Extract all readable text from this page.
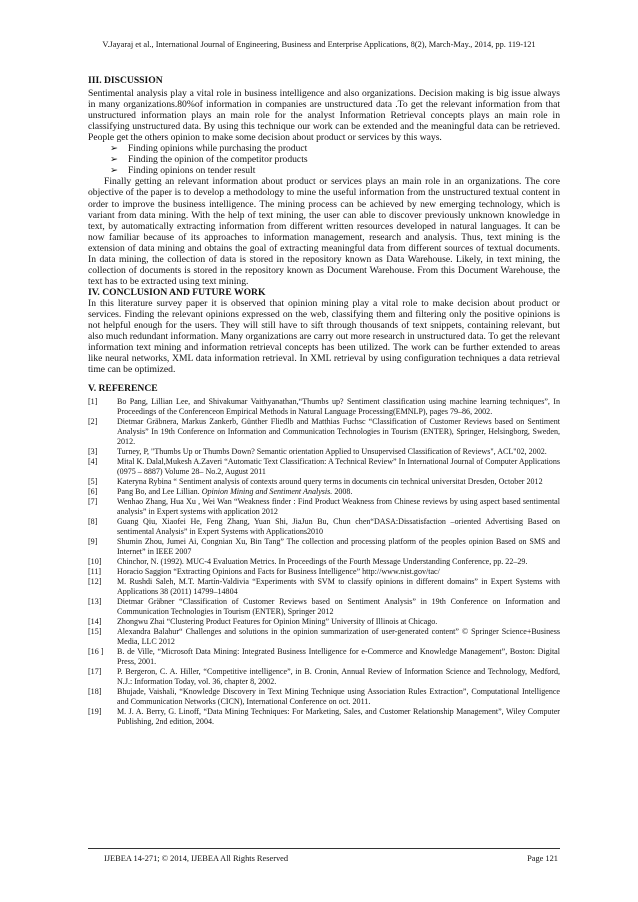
V.Jayaraj et al., International Journal of Engineering, Business and Enterprise Applications, 8(2), March-May., 2014, pp. 119-121

III. DISCUSSION

Sentimental analysis play a vital role in business intelligence and also organizations. Decision making is big issue always in many organizations.80%of information in companies are unstructured data .To get the relevant information from that unstructured information plays an main role for the analyst Information Retrieval concepts plays an main role in classifying unstructured data. By using this technique our work can be extended and the meaningful data can be retrieved. People get the others opinion to make some decision about product or services by this ways.

➢	Finding opinions while purchasing the product
➢	Finding the opinion of the competitor products
➢	Finding opinions on tender result

Finally getting an relevant information about product or services plays an main role in an organizations. The core objective of the paper is to develop a methodology to mine the useful information from the unstructured textual content in order to improve the business intelligence. The mining process can be achieved by new emerging technology, which is variant from data mining. With the help of text mining, the user can able to discover previously unknown knowledge in text, by automatically extracting information from different written resources developed in natural languages. It can be now familiar because of its approaches to information management, research and analysis. Thus, text mining is the extension of data mining and obtains the goal of extracting meaningful data from different sources of textual documents. In data mining, the collection of data is stored in the repository known as Data Warehouse. Likely, in text mining, the collection of documents is stored in the repository known as Document Warehouse. From this Document Warehouse, the text has to be extracted using text mining.

IV. CONCLUSION AND FUTURE WORK

In this literature survey paper it is observed that opinion mining play a vital role to make decision about product or services. Finding the relevant opinions expressed on the web, classifying them and filtering only the positive opinions is not helpful enough for the users. They will still have to sift through thousands of text snippets, containing relevant, but also much redundant information. Many organizations are carry out more research in unstructured data. To get the relevant information text mining and information retrieval concepts has been utilized. The work can be further extended to areas like neural networks, XML data information retrieval. In XML retrieval by using configuration techniques a data retrieval time can be optimized.

V. REFERENCE

[1]	Bo Pang, Lillian Lee, and Shivakumar Vaithyanathan,“Thumbs up? Sentiment classification using machine learning techniques”, In Proceedings of the Conferenceon Empirical Methods in Natural Language Processing(EMNLP), pages 79–86, 2002.
[2]	Dietmar Gräbnera, Markus Zankerb, Günther Fliedlb and Matthias Fuchsc “Classification of Customer Reviews based on Sentiment Analysis” In 19th Conference on Information and Communication Technologies in Tourism (ENTER), Springer, Helsingborg, Sweden, 2012.
[3]	Turney, P, "Thumbs Up or Thumbs Down? Semantic orientation Applied to Unsupervised Classification of Reviews", ACL"02, 2002.
[4]	Mital K. Dalal,Mukesh A.Zaveri “Automatic Text Classification: A Technical Review” In International Journal of Computer Applications (0975 – 8887) Volume 28– No.2, August 2011
[5]	Kateryna Rybina “ Sentiment analysis of contexts around query terms in documents cin technical universitat Dresden, October 2012
[6]	Pang Bo, and Lee Lillian. Opinion Mining and Sentiment Analysis. 2008.
[7]	Wenhao Zhang, Hua Xu , Wei Wan “Weakness finder : Find Product Weakness from Chinese reviews by using aspect based sentimental analysis” in Expert systems with application 2012
[8]	Guang Qiu, Xiaofei He, Feng Zhang, Yuan Shi, JiaJun Bu, Chun chen“DASA:Dissatisfaction –oriented Advertising Based on sentimental Analysis” in Expert Systems with Applications2010
[9]	Shumin Zhou, Jumei Ai, Congnian Xu, Bin Tang” The collection and processing platform of the peoples opinion Based on SMS and Internet” in IEEE 2007
[10]	Chinchor, N. (1992). MUC-4 Evaluation Metrics. In Proceedings of the Fourth Message Understanding Conference, pp. 22–29.
[11]	Horacio Saggion “Extracting Opinions and Facts for Business Intelligence” http://www.nist.gov/tac/
[12]	M. Rushdi Saleh, M.T. Martín-Valdivia “Experiments with SVM to classify opinions in different domains” in Expert Systems with Applications 38 (2011) 14799–14804
[13]	Dietmar Gräbner “Classification of Customer Reviews based on Sentiment Analysis” in 19th Conference on Information and Communication Technologies in Tourism (ENTER), Springer 2012
[14]	Zhongwu Zhai “Clustering Product Features for Opinion Mining” University of Illinois at Chicago.
[15]	Alexandra Balahur“ Challenges and solutions in the opinion summarization of user-generated content” © Springer Science+Business Media, LLC 2012
[16 ]	B. de Ville, “Microsoft Data Mining: Integrated Business Intelligence for e-Commerce and Knowledge Management”, Boston: Digital Press, 2001.
[17]	P. Bergeron, C. A. Hiller, “Competitive intelligence”, in B. Cronin, Annual Review of Information Science and Technology, Medford, N.J.: Information Today, vol. 36, chapter 8, 2002.
[18]	Bhujade, Vaishali, “Knowledge Discovery in Text Mining Technique using Association Rules Extraction”, Computational Intelligence and Communication Networks (CICN), International Conference on oct. 2011.
[19]	M. J. A. Berry, G. Linoff, “Data Mining Techniques: For Marketing, Sales, and Customer Relationship Management”, Wiley Computer Publishing, 2nd edition, 2004.
IJEBEA 14-271; © 2014, IJEBEA All Rights Reserved	Page 121
